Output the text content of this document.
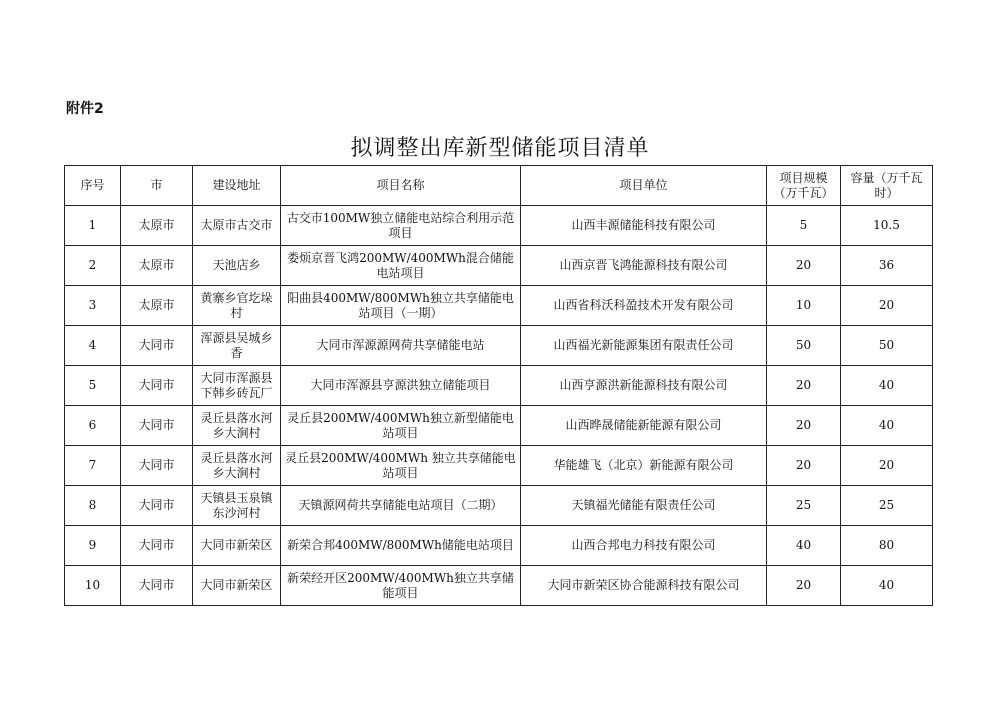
附件2

拟调整出库新型储能项目清单
序号	市	建设地址	项目名称	项目单位	项目规模（万千瓦）	容量（万千瓦时）
1	太原市	太原市古交市	古交市100MW独立储能电站综合利用示范项目	山西丰源储能科技有限公司	5	10.5
2	太原市	天池店乡	娄烦京晋飞鸿200MW/400MWh混合储能电站项目	山西京晋飞鸿能源科技有限公司	20	36
3	太原市	黄寨乡官圪垛村	阳曲县400MW/800MWh独立共享储能电站项目（一期）	山西省科沃科盈技术开发有限公司	10	20
4	大同市	浑源县吴城乡香	大同市浑源源网荷共享储能电站	山西福光新能源集团有限责任公司	50	50
5	大同市	大同市浑源县下韩乡砖瓦厂	大同市浑源县亨源洪独立储能项目	山西亨源洪新能源科技有限公司	20	40
6	大同市	灵丘县落水河乡大涧村	灵丘县200MW/400MWh独立新型储能电站项目	山西晔晟储能新能源有限公司	20	40
7	大同市	灵丘县落水河乡大涧村	灵丘县200MW/400MWh 独立共享储能电站项目	华能雄飞（北京）新能源有限公司	20	20
8	大同市	天镇县玉泉镇东沙河村	天镇源网荷共享储能电站项目（二期）	天镇福光储能有限责任公司	25	25
9	大同市	大同市新荣区	新荣合邦400MW/800MWh储能电站项目	山西合邦电力科技有限公司	40	80
10	大同市	大同市新荣区	新荣经开区200MW/400MWh独立共享储能项目	大同市新荣区协合能源科技有限公司	20	40
